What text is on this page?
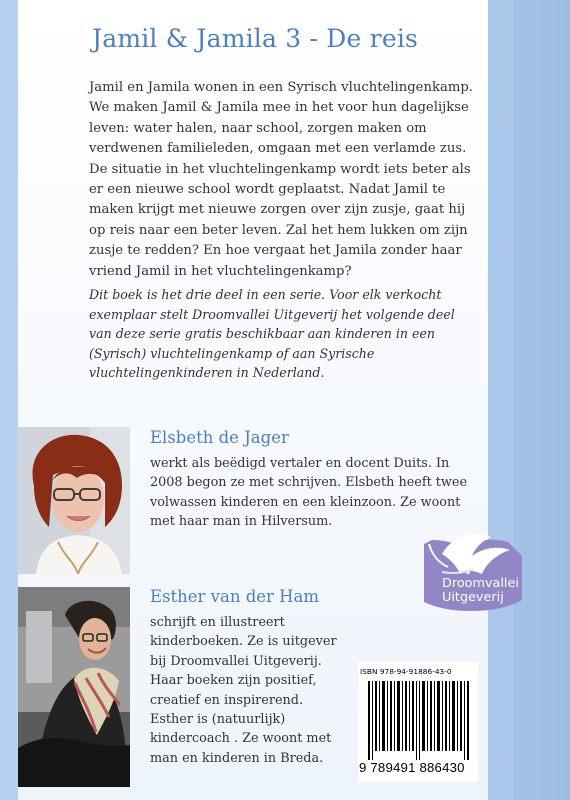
Jamil & Jamila 3 - De reis
Jamil en Jamila wonen in een Syrisch vluchtelingenkamp. We maken Jamil & Jamila mee in het voor hun dagelijkse leven: water halen, naar school, zorgen maken om verdwenen familieleden, omgaan met een verlamde zus. De situatie in het vluchtelingenkamp wordt iets beter als er een nieuwe school wordt geplaatst. Nadat Jamil te maken krijgt met nieuwe zorgen over zijn zusje, gaat hij op reis naar een beter leven. Zal het hem lukken om zijn zusje te redden? En hoe vergaat het Jamila zonder haar vriend Jamil in het vluchtelingenkamp?
Dit boek is het drie deel in een serie. Voor elk verkocht exemplaar stelt Droomvallei Uitgeverij het volgende deel van deze serie gratis beschikbaar aan kinderen in een (Syrisch) vluchtelingenkamp of aan Syrische vluchtelingenkinderen in Nederland.
Elsbeth de Jager
werkt als beëdigd vertaler en docent Duits. In 2008 begon ze met schrijven. Elsbeth heeft twee volwassen kinderen en een kleinzoon. Ze woont met haar man in Hilversum.
Esther van der Ham
schrijft en illustreert kinderboeken. Ze is uitgever bij Droomvallei Uitgeverij. Haar boeken zijn positief, creatief en inspirerend. Esther is (natuurlijk) kindercoach . Ze woont met man en kinderen in Breda.
Droomvallei
Uitgeverij
ISBN 978-94-91886-43-0
9 789491 886430
